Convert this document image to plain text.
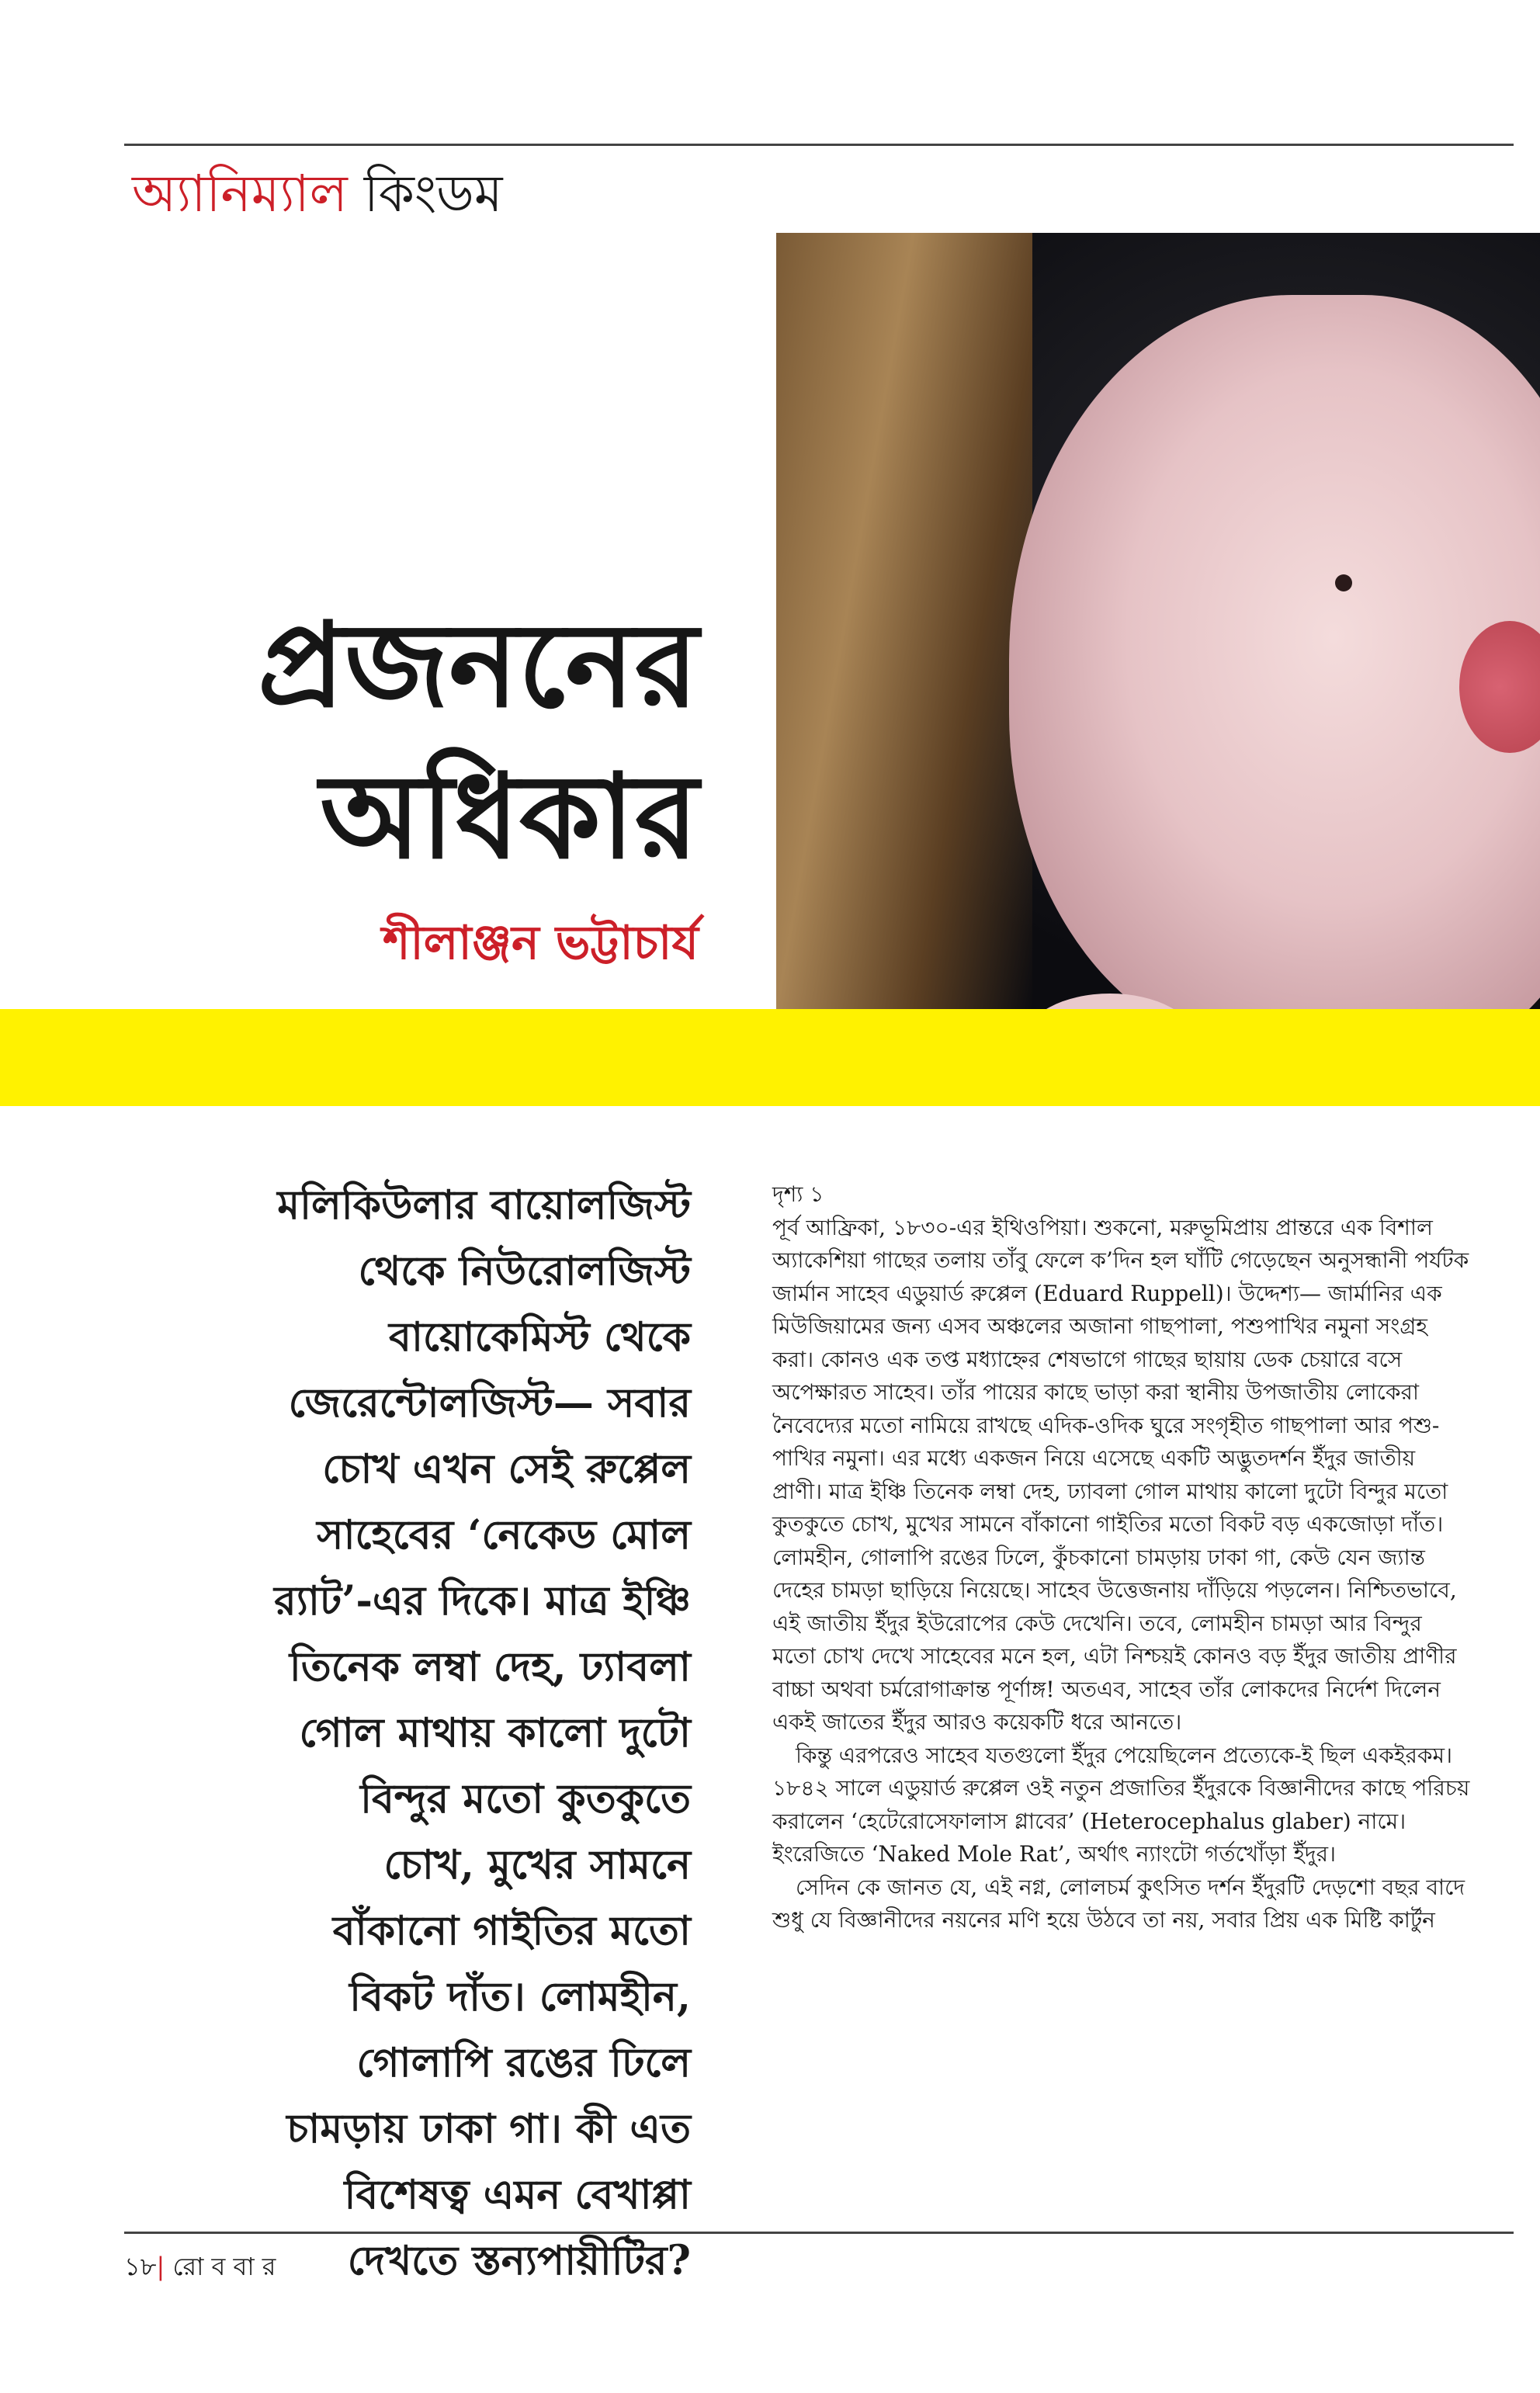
অ্যানিম্যাল কিংডম
প্রজননের অধিকার
শীলাঞ্জন ভট্টাচার্য
মলিকিউলার বায়োলজিস্ট থেকে নিউরোলজিস্ট বায়োকেমিস্ট থেকে জেরেন্টোলজিস্ট— সবার চোখ এখন সেই রুপ্পেল সাহেবের ‘নেকেড মোল র‍্যাট’-এর দিকে। মাত্র ইঞ্চি তিনেক লম্বা দেহ, ঢ্যাবলা গোল মাথায় কালো দুটো বিন্দুর মতো কুতকুতে চোখ, মুখের সামনে বাঁকানো গাইতির মতো বিকট দাঁত। লোমহীন, গোলাপি রঙের ঢিলে চামড়ায় ঢাকা গা। কী এত বিশেষত্ব এমন বেখাপ্পা দেখতে স্তন্যপায়ীটির?

দৃশ্য ১

পূর্ব আফ্রিকা, ১৮৩০-এর ইথিওপিয়া। শুকনো, মরুভূমিপ্রায় প্রান্তরে এক বিশাল অ্যাকেশিয়া গাছের তলায় তাঁবু ফেলে ক’দিন হল ঘাঁটি গেড়েছেন অনুসন্ধানী পর্যটক জার্মান সাহেব এডুয়ার্ড রুপ্পেল (Eduard Ruppell)। উদ্দেশ্য— জার্মানির এক মিউজিয়ামের জন্য এসব অঞ্চলের অজানা গাছপালা, পশুপাখির নমুনা সংগ্রহ করা। কোনও এক তপ্ত মধ্যাহ্নের শেষভাগে গাছের ছায়ায় ডেক চেয়ারে বসে অপেক্ষারত সাহেব। তাঁর পায়ের কাছে ভাড়া করা স্থানীয় উপজাতীয় লোকেরা নৈবেদ্যের মতো নামিয়ে রাখছে এদিক-ওদিক ঘুরে সংগৃহীত গাছপালা আর পশু-পাখির নমুনা। এর মধ্যে একজন নিয়ে এসেছে একটি অদ্ভুতদর্শন ইঁদুর জাতীয় প্রাণী। মাত্র ইঞ্চি তিনেক লম্বা দেহ, ঢ্যাবলা গোল মাথায় কালো দুটো বিন্দুর মতো কুতকুতে চোখ, মুখের সামনে বাঁকানো গাইতির মতো বিকট বড় একজোড়া দাঁত। লোমহীন, গোলাপি রঙের ঢিলে, কুঁচকানো চামড়ায় ঢাকা গা, কেউ যেন জ্যান্ত দেহের চামড়া ছাড়িয়ে নিয়েছে। সাহেব উত্তেজনায় দাঁড়িয়ে পড়লেন। নিশ্চিতভাবে, এই জাতীয় ইঁদুর ইউরোপের কেউ দেখেনি। তবে, লোমহীন চামড়া আর বিন্দুর মতো চোখ দেখে সাহেবের মনে হল, এটা নিশ্চয়ই কোনও বড় ইঁদুর জাতীয় প্রাণীর বাচ্চা অথবা চর্মরোগাক্রান্ত পূর্ণাঙ্গ! অতএব, সাহেব তাঁর লোকদের নির্দেশ দিলেন একই জাতের ইঁদুর আরও কয়েকটি ধরে আনতে।

কিন্তু এরপরেও সাহেব যতগুলো ইঁদুর পেয়েছিলেন প্রত্যেকে-ই ছিল একইরকম। ১৮৪২ সালে এডুয়ার্ড রুপ্পেল ওই নতুন প্রজাতির ইঁদুরকে বিজ্ঞানীদের কাছে পরিচয় করালেন ‘হেটেরোসেফালাস গ্লাবের’ (Heterocephalus glaber) নামে। ইংরেজিতে ‘Naked Mole Rat’, অর্থাৎ ন্যাংটো গর্তখোঁড়া ইঁদুর।

সেদিন কে জানত যে, এই নগ্ন, লোলচর্ম কুৎসিত দর্শন ইঁদুরটি দেড়শো বছর বাদে শুধু যে বিজ্ঞানীদের নয়নের মণি হয়ে উঠবে তা নয়, সবার প্রিয় এক মিষ্টি কার্টুন

১৮| রো ব বা র
